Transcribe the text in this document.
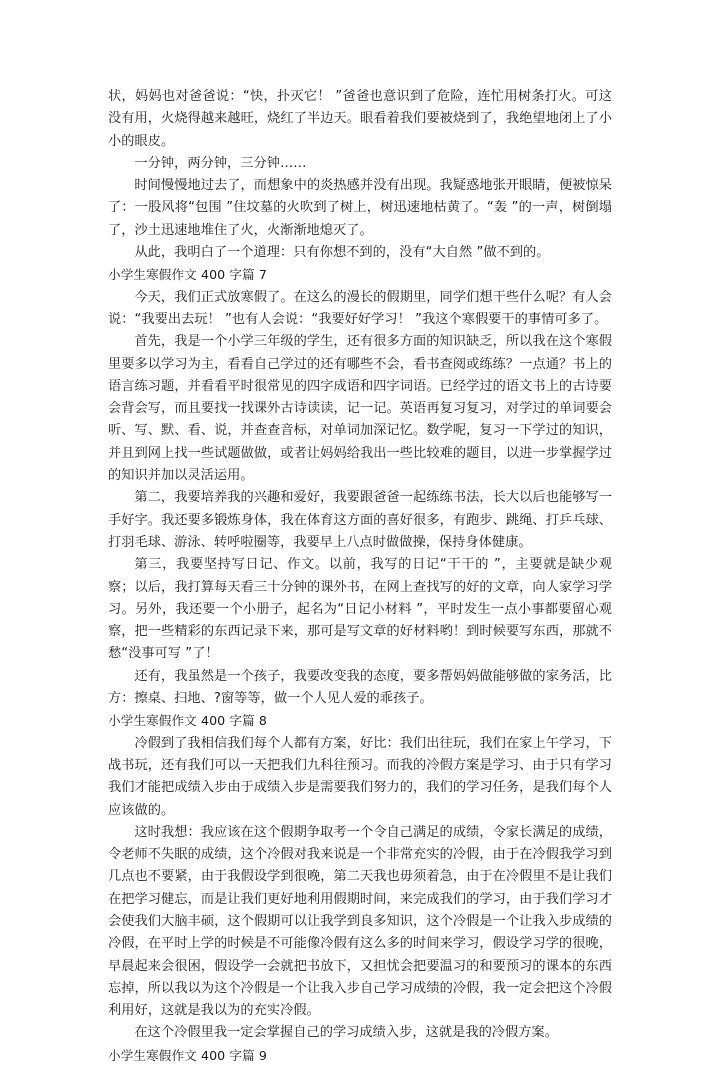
状，妈妈也对爸爸说：“快，扑灭它！ ”爸爸也意识到了危险，连忙用树条打火。可这没有用，火烧得越来越旺，烧红了半边天。眼看着我们要被烧到了，我绝望地闭上了小小的眼皮。

一分钟，两分钟，三分钟……

时间慢慢地过去了，而想象中的炎热感并没有出现。我疑惑地张开眼睛，便被惊呆了：一股风将“包围 ”住坟墓的火吹到了树上，树迅速地枯黄了。“轰 ”的一声，树倒塌了，沙土迅速地堆住了火，火渐渐地熄灭了。

从此，我明白了一个道理：只有你想不到的，没有“大自然 ”做不到的。

小学生寒假作文 400 字篇 7

今天，我们正式放寒假了。在这么的漫长的假期里，同学们想干些什么呢？有人会说：“我要出去玩！ ”也有人会说：“我要好好学习！ ”我这个寒假要干的事情可多了。

首先，我是一个小学三年级的学生，还有很多方面的知识缺乏，所以我在这个寒假里要多以学习为主，看看自己学过的还有哪些不会，看书查阅或练练？一点通？书上的语言练习题，并看看平时很常见的四字成语和四字词语。已经学过的语文书上的古诗要会背会写，而且要找一找课外古诗读读，记一记。英语再复习复习，对学过的单词要会听、写、默、看、说，并查查音标，对单词加深记忆。数学呢，复习一下学过的知识，并且到网上找一些试题做做，或者让妈妈给我出一些比较难的题目，以进一步掌握学过的知识并加以灵活运用。

第二，我要培养我的兴趣和爱好，我要跟爸爸一起练练书法，长大以后也能够写一手好字。我还要多锻炼身体，我在体育这方面的喜好很多，有跑步、跳绳、打乒乓球、打羽毛球、游泳、转呼啦圈等，我要早上八点时做做操，保持身体健康。

第三，我要坚持写日记、作文。以前，我写的日记“干干的 ”，主要就是缺少观察；以后，我打算每天看三十分钟的课外书，在网上查找写的好的文章，向人家学习学习。另外，我还要一个小册子，起名为“日记小材料 ”，平时发生一点小事都要留心观察，把一些精彩的东西记录下来，那可是写文章的好材料哟！到时候要写东西，那就不愁“没事可写 ”了！

还有，我虽然是一个孩子，我要改变我的态度，要多帮妈妈做能够做的家务活，比方：擦桌、扫地、?窗等等，做一个人见人爱的乖孩子。

小学生寒假作文 400 字篇 8

冷假到了我相信我们每个人都有方案，好比：我们出往玩，我们在家上午学习，下战书玩，还有我们可以一天把我们九科往预习。而我的冷假方案是学习、由于只有学习我们才能把成绩入步由于成绩入步是需要我们努力的，我们的学习任务，是我们每个人应该做的。

这时我想：我应该在这个假期争取考一个令自己满足的成绩，令家长满足的成绩，令老师不失眠的成绩，这个冷假对我来说是一个非常充实的冷假，由于在冷假我学习到几点也不要紧，由于我假设学到很晚，第二天我也毋须着急，由于在冷假里不是让我们在把学习健忘，而是让我们更好地利用假期时间，来完成我们的学习，由于我们学习才会使我们大脑丰硕，这个假期可以让我学到良多知识，这个冷假是一个让我入步成绩的冷假，在平时上学的时候是不可能像冷假有这么多的时间来学习，假设学习学的很晚，早晨起来会很困，假设学一会就把书放下，又担忧会把要温习的和要预习的课本的东西忘掉，所以我以为这个冷假是一个让我入步自己学习成绩的冷假，我一定会把这个冷假利用好，这就是我以为的充实冷假。

在这个冷假里我一定会掌握自己的学习成绩入步，这就是我的冷假方案。

小学生寒假作文 400 字篇 9
